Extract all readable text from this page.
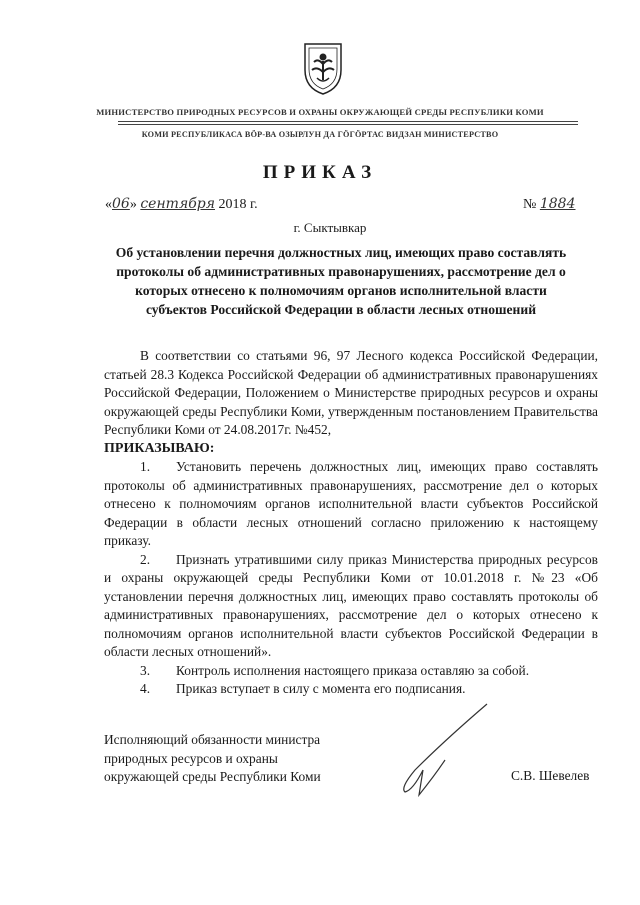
МИНИСТЕРСТВО ПРИРОДНЫХ РЕСУРСОВ И ОХРАНЫ ОКРУЖАЮЩЕЙ СРЕДЫ РЕСПУБЛИКИ КОМИ
КОМИ РЕСПУБЛИКАСА ВӦР-ВА ОЗЫРЛУН ДА ГӦГӦРТАС ВИДЗАН МИНИСТЕРСТВО
ПРИКАЗ
«06» сентября 2018 г.	№ 1884
г. Сыктывкар
Об установлении перечня должностных лиц, имеющих право составлять протоколы об административных правонарушениях, рассмотрение дел о которых отнесено к полномочиям органов исполнительной власти субъектов Российской Федерации в области лесных отношений

В соответствии со статьями 96, 97 Лесного кодекса Российской Федерации, статьей 28.3 Кодекса Российской Федерации об административных правонарушениях Российской Федерации, Положением о Министерстве природных ресурсов и охраны окружающей среды Республики Коми, утвержденным постановлением Правительства Республики Коми от 24.08.2017г. №452,

ПРИКАЗЫВАЮ:

1. Установить перечень должностных лиц, имеющих право составлять протоколы об административных правонарушениях, рассмотрение дел о которых отнесено к полномочиям органов исполнительной власти субъектов Российской Федерации в области лесных отношений согласно приложению к настоящему приказу.

2. Признать утратившими силу приказ Министерства природных ресурсов и охраны окружающей среды Республики Коми от 10.01.2018 г. №23 «Об установлении перечня должностных лиц, имеющих право составлять протоколы об административных правонарушениях, рассмотрение дел о которых отнесено к полномочиям органов исполнительной власти субъектов Российской Федерации в области лесных отношений».

3. Контроль исполнения настоящего приказа оставляю за собой.

4. Приказ вступает в силу с момента его подписания.

Исполняющий обязанности министра
природных ресурсов и охраны
окружающей среды Республики Коми	С.В. Шевелев
